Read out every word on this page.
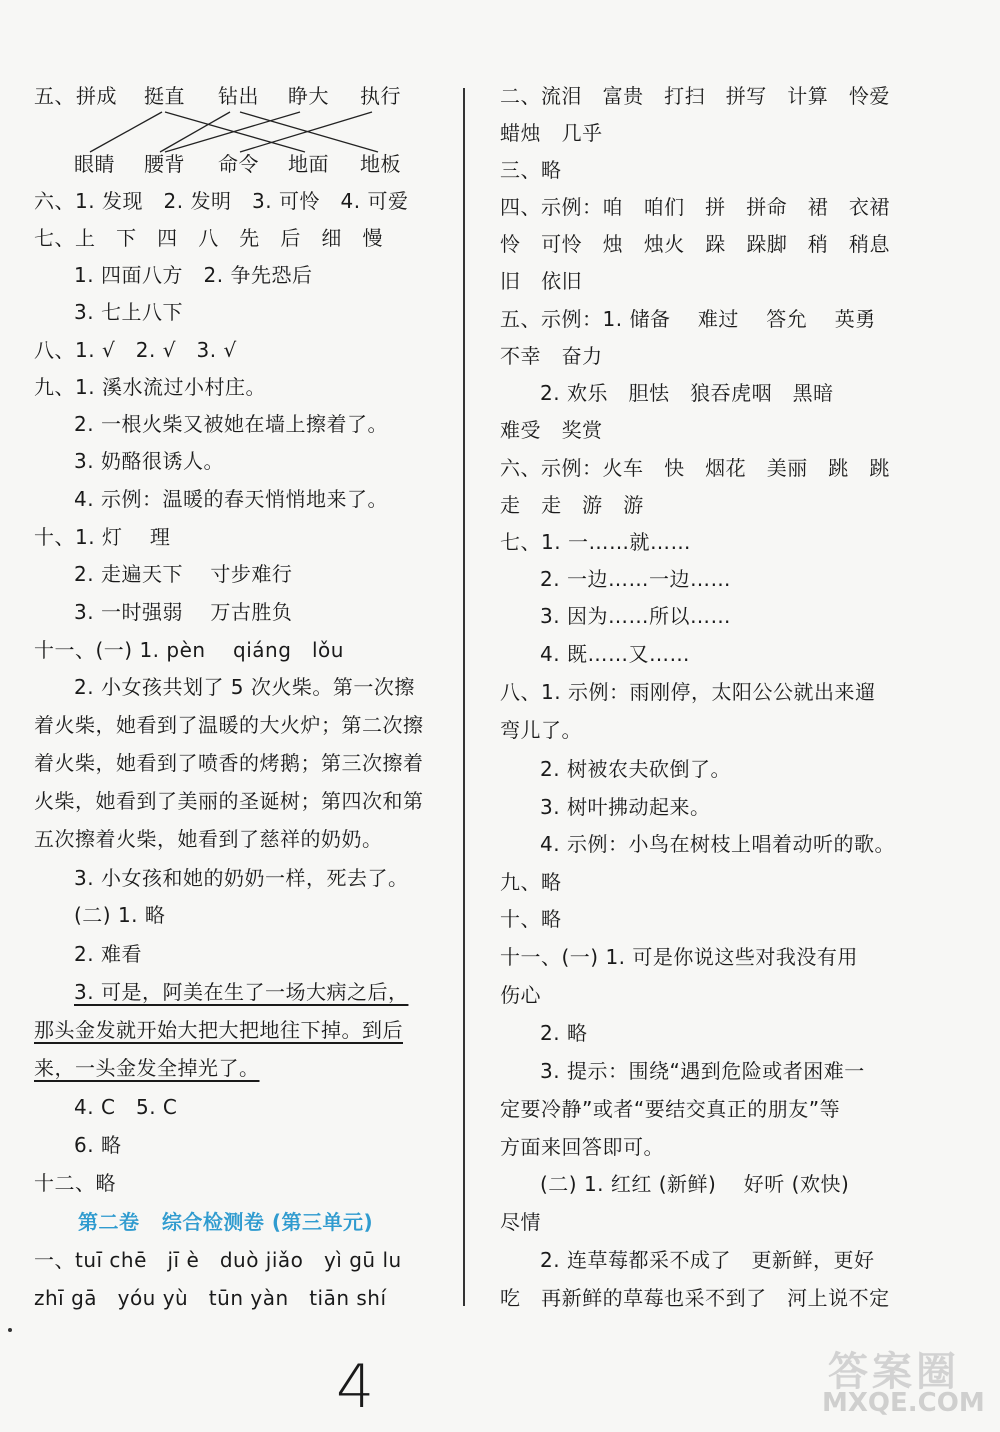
五、 拼成 挺直 钻出 睁大 执行
眼睛 腰背 命令 地面 地板
六、1. 发现   2. 发明   3. 可怜   4. 可爱
七、上   下   四   八   先   后   细   慢
1. 四面八方   2. 争先恐后
3. 七上八下
八、1. √   2. √   3. √
九、1. 溪水流过小村庄。
2. 一根火柴又被她在墙上擦着了。
3. 奶酪很诱人。
4. 示例：温暖的春天悄悄地来了。
十、1. 灯    理
2. 走遍天下    寸步难行
3. 一时强弱    万古胜负
十一、(一) 1. pèn    qiáng   lǒu
2. 小女孩共划了 5 次火柴。第一次擦
着火柴，她看到了温暖的大火炉；第二次擦
着火柴，她看到了喷香的烤鹅；第三次擦着
火柴，她看到了美丽的圣诞树；第四次和第
五次擦着火柴，她看到了慈祥的奶奶。
3. 小女孩和她的奶奶一样，死去了。
(二) 1. 略
2. 难看
3. 可是，阿美在生了一场大病之后，
那头金发就开始大把大把地往下掉。到后
来，一头金发全掉光了。
4. C   5. C
6. 略
十二、略
第二卷   综合检测卷 (第三单元)
一、tuī chē   jī è   duò jiǎo   yì gū lu
zhī gā   yóu yù   tūn yàn   tiān shí
二、流泪   富贵   打扫   拼写   计算   怜爱
蜡烛   几乎
三、略
四、示例：咱   咱们   拼   拼命   裙   衣裙
怜   可怜   烛   烛火   跺   跺脚   稍   稍息
旧   依旧
五、示例：1. 储备    难过    答允    英勇
不幸   奋力
2. 欢乐   胆怯   狼吞虎咽   黑暗
难受   奖赏
六、示例：火车   快   烟花   美丽   跳   跳
走   走   游   游
七、1. 一……就……
2. 一边……一边……
3. 因为……所以……
4. 既……又……
八、1. 示例：雨刚停，太阳公公就出来遛
弯儿了。
2. 树被农夫砍倒了。
3. 树叶拂动起来。
4. 示例：小鸟在树枝上唱着动听的歌。
九、略
十、略
十一、(一) 1. 可是你说这些对我没有用
伤心
2. 略
3. 提示：围绕“遇到危险或者困难一
定要冷静”或者“要结交真正的朋友”等
方面来回答即可。
(二) 1. 红红 (新鲜)    好听 (欢快)
尽情
2. 连草莓都采不成了   更新鲜，更好
吃   再新鲜的草莓也采不到了   河上说不定
4	答案圈
MXQE.COM
